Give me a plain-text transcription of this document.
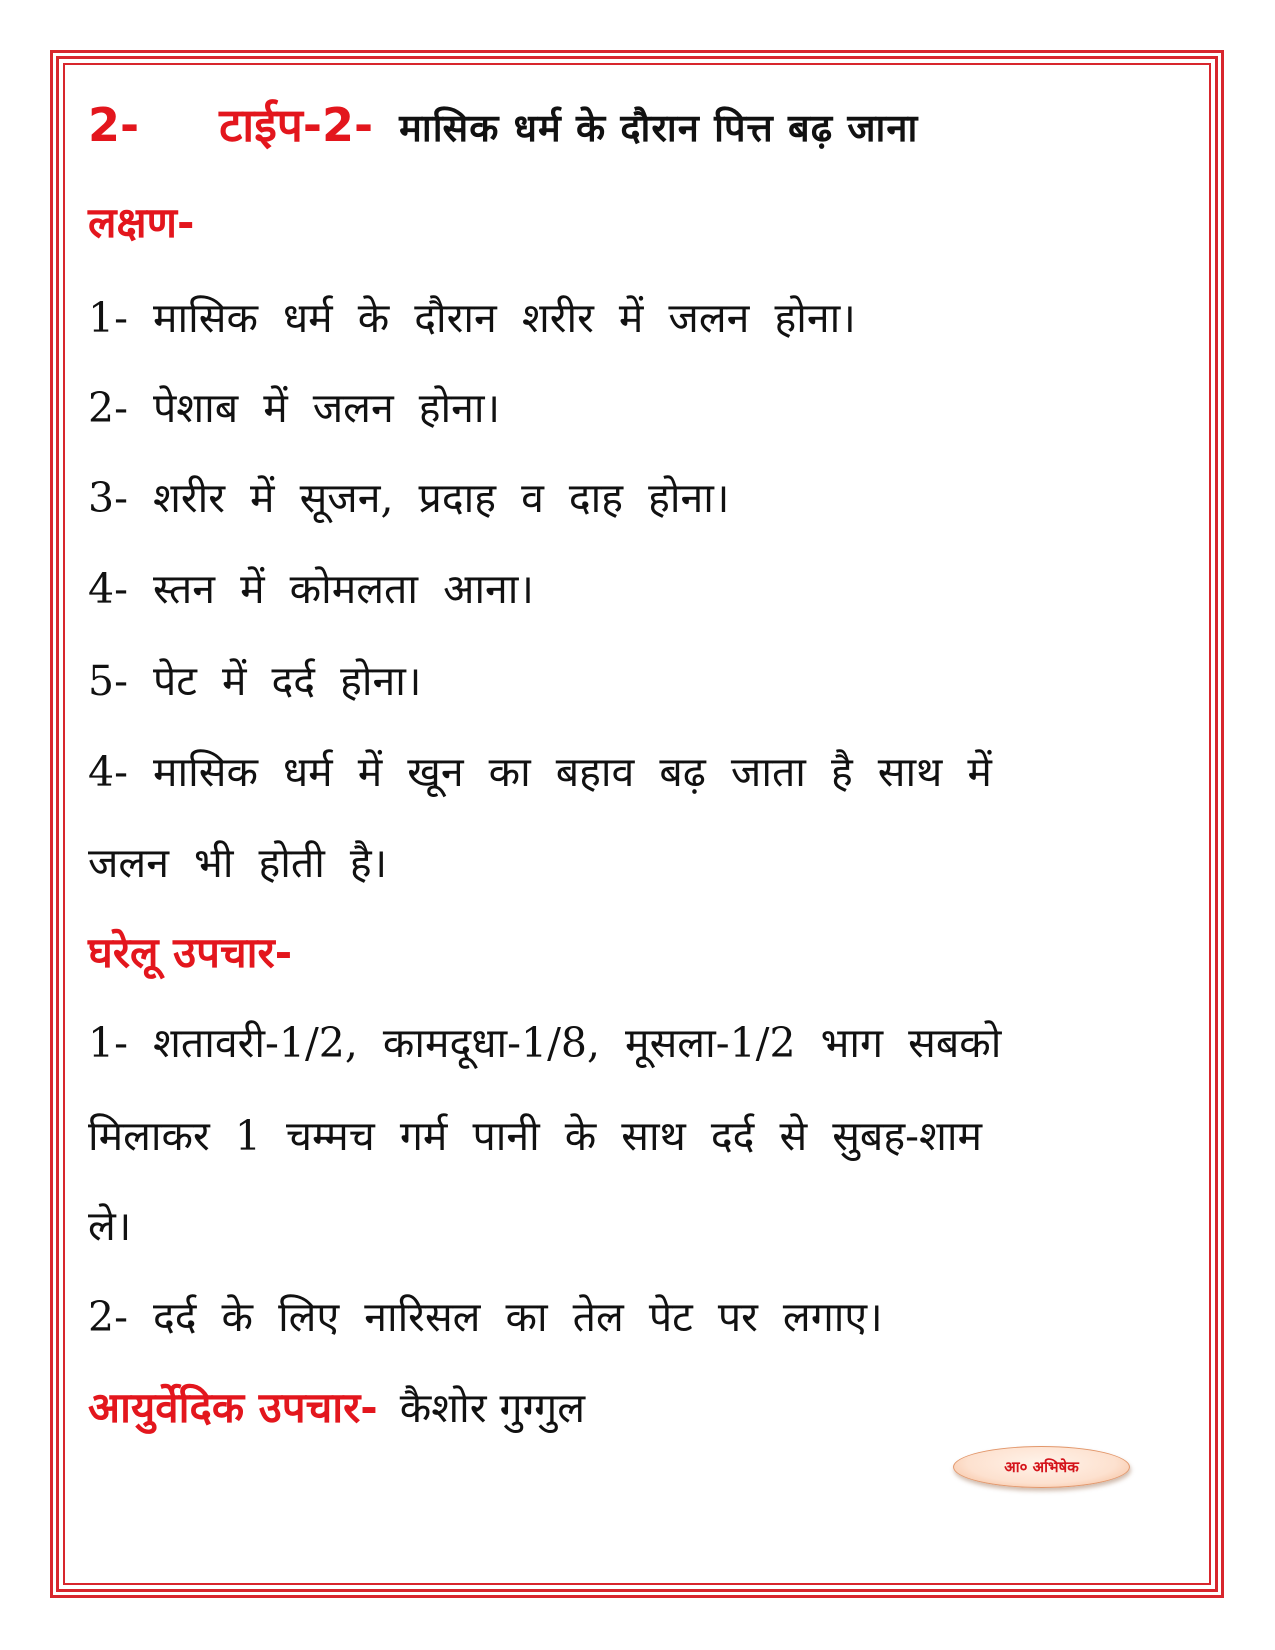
2- टाईप-2- मासिक धर्म के दौरान पित्त बढ़ जाना
लक्षण-
1- मासिक धर्म के दौरान शरीर में जलन होना।
2- पेशाब में जलन होना।
3- शरीर में सूजन, प्रदाह व दाह होना।
4- स्तन में कोमलता आना।
5- पेट में दर्द होना।
4- मासिक धर्म में खून का बहाव बढ़ जाता है साथ में
जलन भी होती है।
घरेलू उपचार-
1- शतावरी-1/2, कामदूधा-1/8, मूसला-1/2 भाग सबको
मिलाकर 1 चम्मच गर्म पानी के साथ दर्द से सुबह-शाम
ले।
2- दर्द के लिए नारिसल का तेल पेट पर लगाए।
आयुर्वेदिक उपचार- कैशोर गुग्गुल
आ० अभिषेक
